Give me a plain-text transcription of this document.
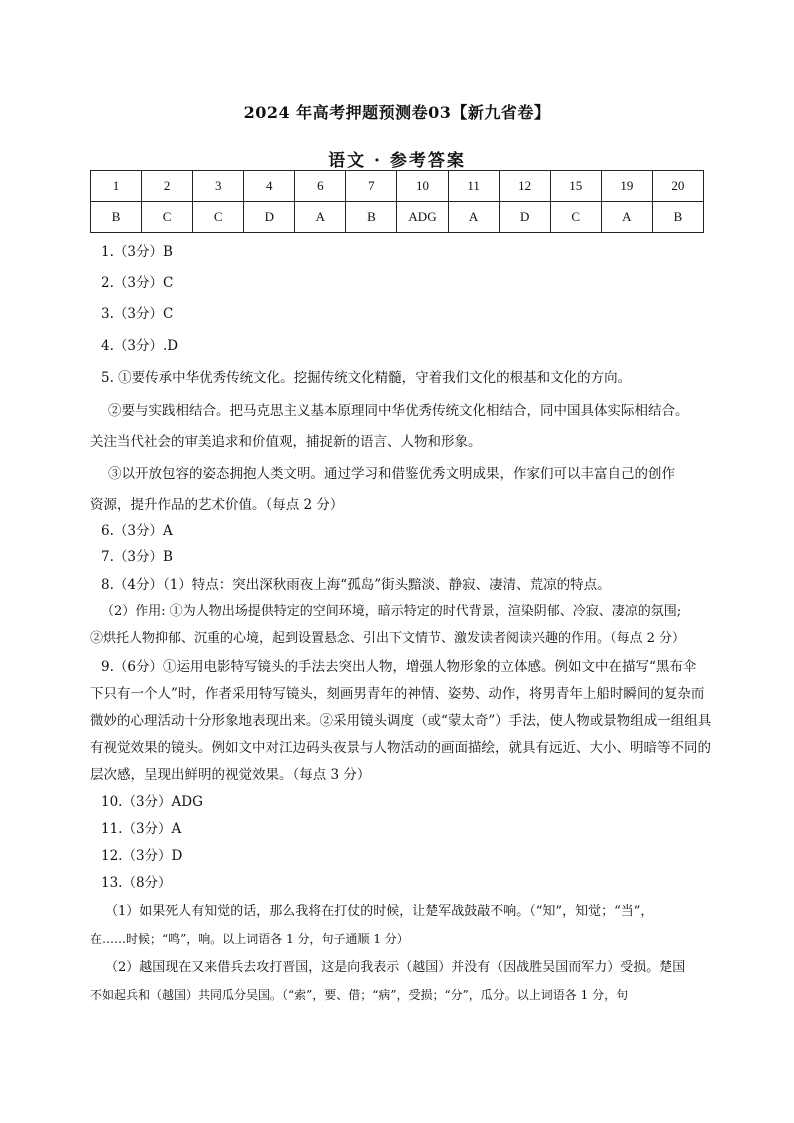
2024 年高考押题预测卷03【新九省卷】
语文 · 参考答案
1	2	3	4	6	7	10	11	12	15	19	20
B	C	C	D	A	B	ADG	A	D	C	A	B
1.（3分）B
2.（3分）C
3.（3分）C
4.（3分）.D
5. ①要传承中华优秀传统文化。挖掘传统文化精髓，守着我们文化的根基和文化的方向。
②要与实践相结合。把马克思主义基本原理同中华优秀传统文化相结合，同中国具体实际相结合。
关注当代社会的审美追求和价值观，捕捉新的语言、人物和形象。
③以开放包容的姿态拥抱人类文明。通过学习和借鉴优秀文明成果，作家们可以丰富自己的创作
资源，提升作品的艺术价值。（每点 2 分）
6.（3分）A
7.（3分）B
8.（4分）（1）特点：突出深秋雨夜上海“孤岛”街头黯淡、静寂、凄清、荒凉的特点。
（2）作用: ①为人物出场提供特定的空间环境，暗示特定的时代背景，渲染阴郁、冷寂、凄凉的氛围;
②烘托人物抑郁、沉重的心境，起到设置悬念、引出下文情节、激发读者阅读兴趣的作用。（每点 2 分）
9.（6分）①运用电影特写镜头的手法去突出人物，增强人物形象的立体感。例如文中在描写“黑布伞
下只有一个人”时，作者采用特写镜头，刻画男青年的神情、姿势、动作，将男青年上船时瞬间的复杂而
微妙的心理活动十分形象地表现出来。②采用镜头调度（或“蒙太奇”）手法，使人物或景物组成一组组具
有视觉效果的镜头。例如文中对江边码头夜景与人物活动的画面描绘，就具有远近、大小、明暗等不同的
层次感，呈现出鲜明的视觉效果。（每点 3 分）
10.（3分）ADG
11.（3分）A
12.（3分）D
13.（8分）
（1）如果死人有知觉的话，那么我将在打仗的时候，让楚军战鼓敲不响。（“知”，知觉；“当”，
在……时候；“鸣”，响。以上词语各 1 分，句子通顺 1 分）
（2）越国现在又来借兵去攻打晋国，这是向我表示（越国）并没有（因战胜吴国而军力）受损。楚国
不如起兵和（越国）共同瓜分吴国。（“索”，要、借；“病”，受损；“分”，瓜分。以上词语各 1 分，句
